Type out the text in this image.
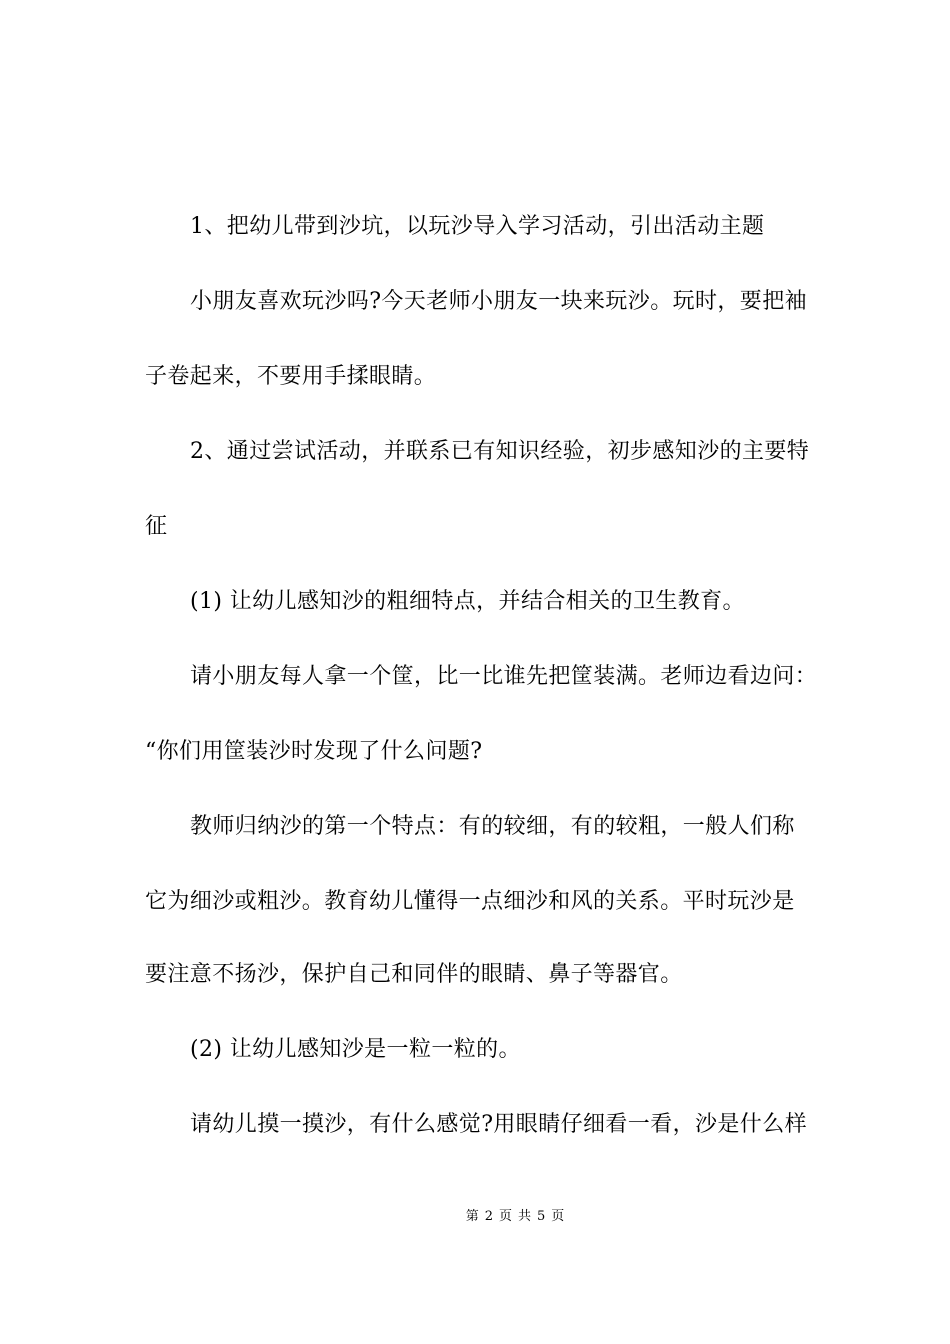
1、把幼儿带到沙坑，以玩沙导入学习活动，引出活动主题
小朋友喜欢玩沙吗?今天老师小朋友一块来玩沙。玩时，要把袖
子卷起来，不要用手揉眼睛。
2、通过尝试活动，并联系已有知识经验，初步感知沙的主要特
征
(1) 让幼儿感知沙的粗细特点，并结合相关的卫生教育。
请小朋友每人拿一个筐，比一比谁先把筐装满。老师边看边问：
“你们用筐装沙时发现了什么问题?
教师归纳沙的第一个特点：有的较细，有的较粗，一般人们称
它为细沙或粗沙。教育幼儿懂得一点细沙和风的关系。平时玩沙是
要注意不扬沙，保护自己和同伴的眼睛、鼻子等器官。
(2) 让幼儿感知沙是一粒一粒的。
请幼儿摸一摸沙，有什么感觉?用眼睛仔细看一看，沙是什么样
第 2 页 共 5 页
